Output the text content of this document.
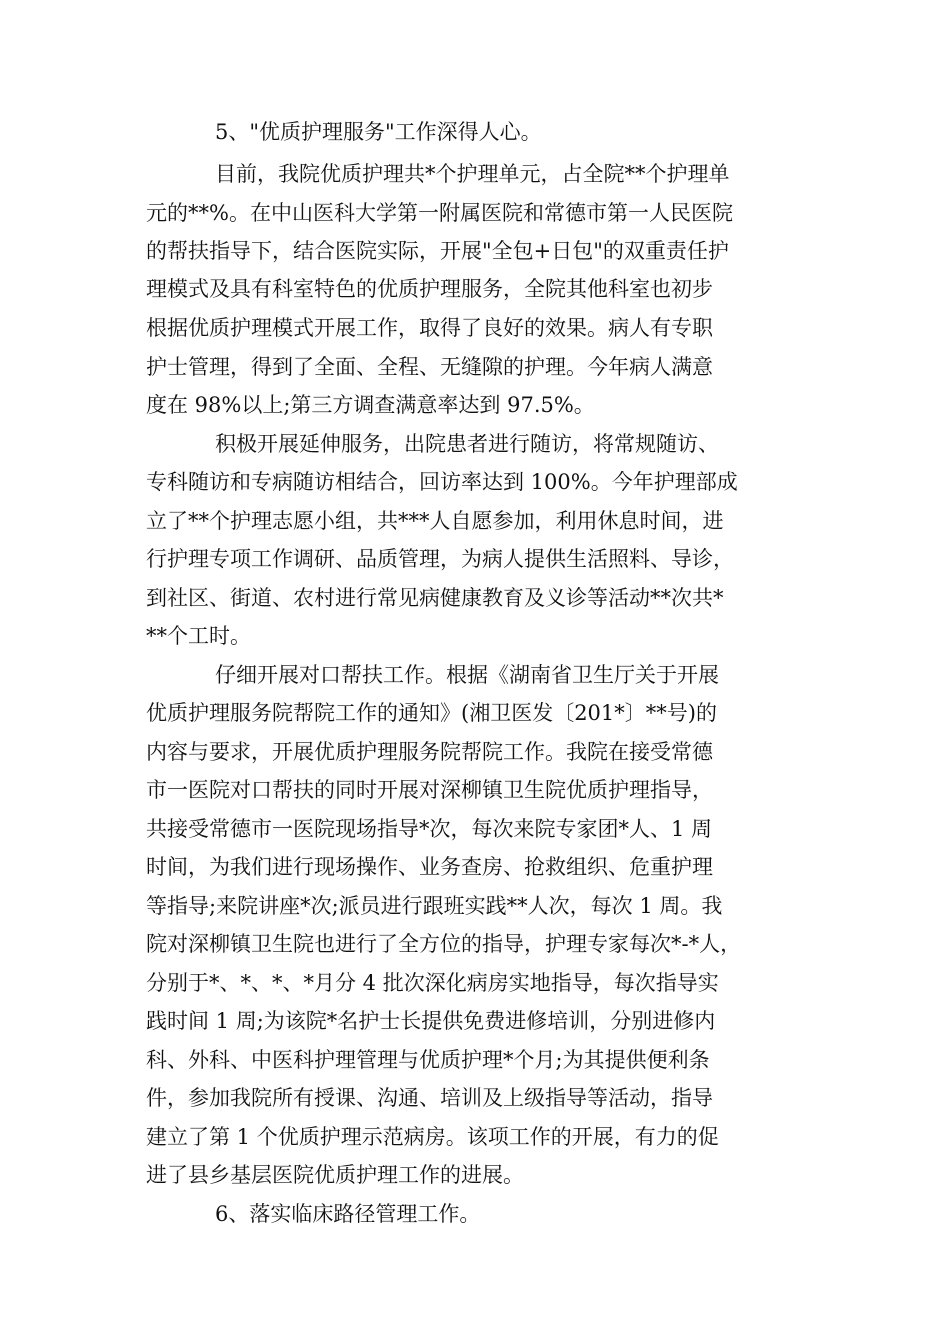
5、"优质护理服务"工作深得人心。
目前，我院优质护理共*个护理单元，占全院**个护理单
元的**%。在中山医科大学第一附属医院和常德市第一人民医院
的帮扶指导下，结合医院实际，开展"全包+日包"的双重责任护
理模式及具有科室特色的优质护理服务，全院其他科室也初步
根据优质护理模式开展工作，取得了良好的效果。病人有专职
护士管理，得到了全面、全程、无缝隙的护理。今年病人满意
度在 98%以上;第三方调查满意率达到 97.5%。
积极开展延伸服务，出院患者进行随访，将常规随访、
专科随访和专病随访相结合，回访率达到 100%。今年护理部成
立了**个护理志愿小组，共***人自愿参加，利用休息时间，进
行护理专项工作调研、品质管理，为病人提供生活照料、导诊，
到社区、街道、农村进行常见病健康教育及义诊等活动**次共*
**个工时。
仔细开展对口帮扶工作。根据《湖南省卫生厅关于开展
优质护理服务院帮院工作的通知》(湘卫医发〔201*〕**号)的
内容与要求，开展优质护理服务院帮院工作。我院在接受常德
市一医院对口帮扶的同时开展对深柳镇卫生院优质护理指导，
共接受常德市一医院现场指导*次，每次来院专家团*人、1 周
时间，为我们进行现场操作、业务查房、抢救组织、危重护理
等指导;来院讲座*次;派员进行跟班实践**人次，每次 1 周。我
院对深柳镇卫生院也进行了全方位的指导，护理专家每次*-*人，
分别于*、*、*、*月分 4 批次深化病房实地指导，每次指导实
践时间 1 周;为该院*名护士长提供免费进修培训，分别进修内
科、外科、中医科护理管理与优质护理*个月;为其提供便利条
件，参加我院所有授课、沟通、培训及上级指导等活动，指导
建立了第 1 个优质护理示范病房。该项工作的开展，有力的促
进了县乡基层医院优质护理工作的进展。
6、落实临床路径管理工作。
